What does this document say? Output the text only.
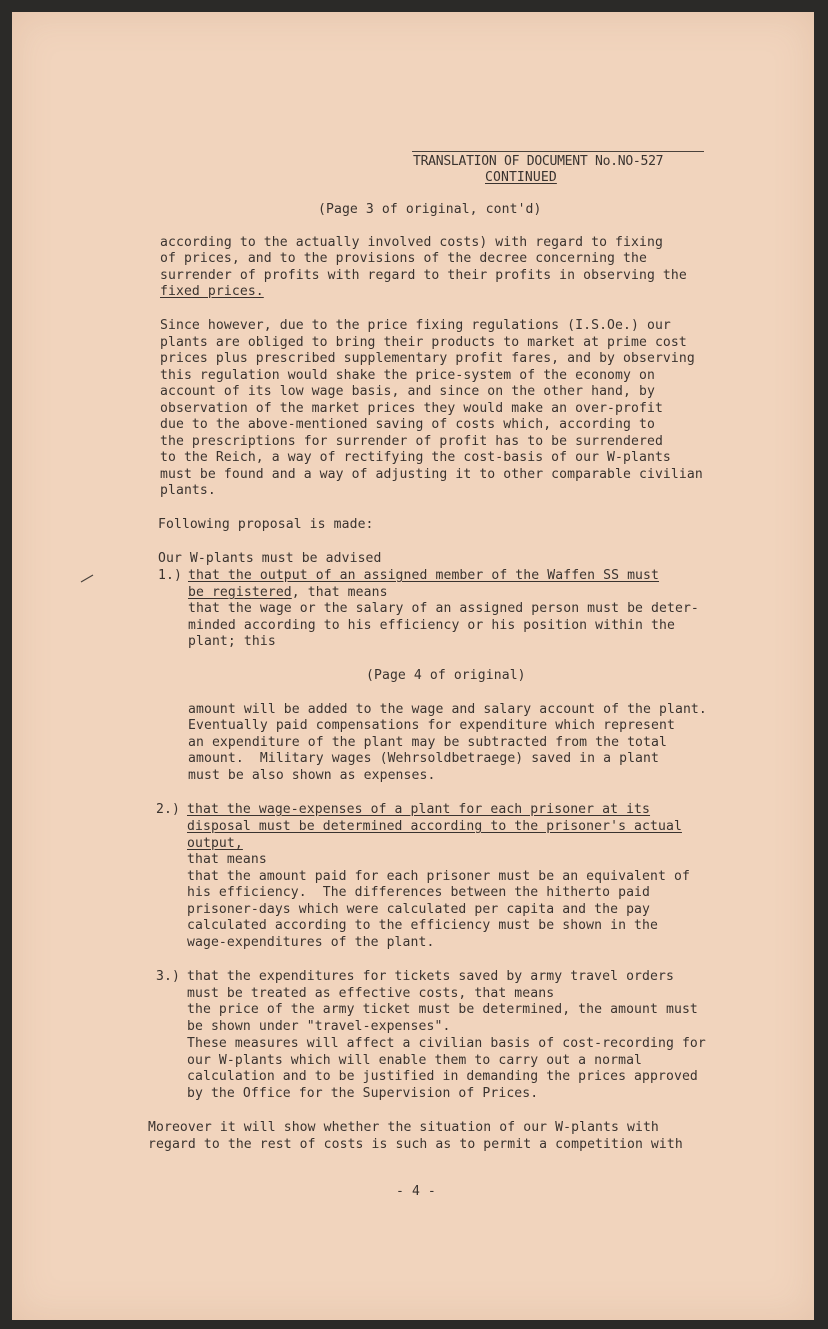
TRANSLATION OF DOCUMENT No.NO-527
CONTINUED
(Page 3 of original, cont'd)
according to the actually involved costs) with regard to fixing
of prices, and to the provisions of the decree concerning the
surrender of profits with regard to their profits in observing the
fixed prices.
Since however, due to the price fixing regulations (I.S.Oe.) our
plants are obliged to bring their products to market at prime cost
prices plus prescribed supplementary profit fares, and by observing
this regulation would shake the price-system of the economy on
account of its low wage basis, and since on the other hand, by
observation of the market prices they would make an over-profit
due to the above-mentioned saving of costs which, according to
the prescriptions for surrender of profit has to be surrendered
to the Reich, a way of rectifying the cost-basis of our W-plants
must be found and a way of adjusting it to other comparable civilian
plants.
Following proposal is made:
Our W-plants must be advised
1.) that the output of an assigned member of the Waffen SS must
be registered, that means
that the wage or the salary of an assigned person must be deter-
minded according to his efficiency or his position within the
plant; this
(Page 4 of original)
amount will be added to the wage and salary account of the plant.
Eventually paid compensations for expenditure which represent
an expenditure of the plant may be subtracted from the total
amount.  Military wages (Wehrsoldbetraege) saved in a plant
must be also shown as expenses.
2.) that the wage-expenses of a plant for each prisoner at its
disposal must be determined according to the prisoner's actual
output,
that means
that the amount paid for each prisoner must be an equivalent of
his efficiency.  The differences between the hitherto paid
prisoner-days which were calculated per capita and the pay
calculated according to the efficiency must be shown in the
wage-expenditures of the plant.
3.) that the expenditures for tickets saved by army travel orders
must be treated as effective costs, that means
the price of the army ticket must be determined, the amount must
be shown under "travel-expenses".
These measures will affect a civilian basis of cost-recording for
our W-plants which will enable them to carry out a normal
calculation and to be justified in demanding the prices approved
by the Office for the Supervision of Prices.
Moreover it will show whether the situation of our W-plants with
regard to the rest of costs is such as to permit a competition with
- 4 -
